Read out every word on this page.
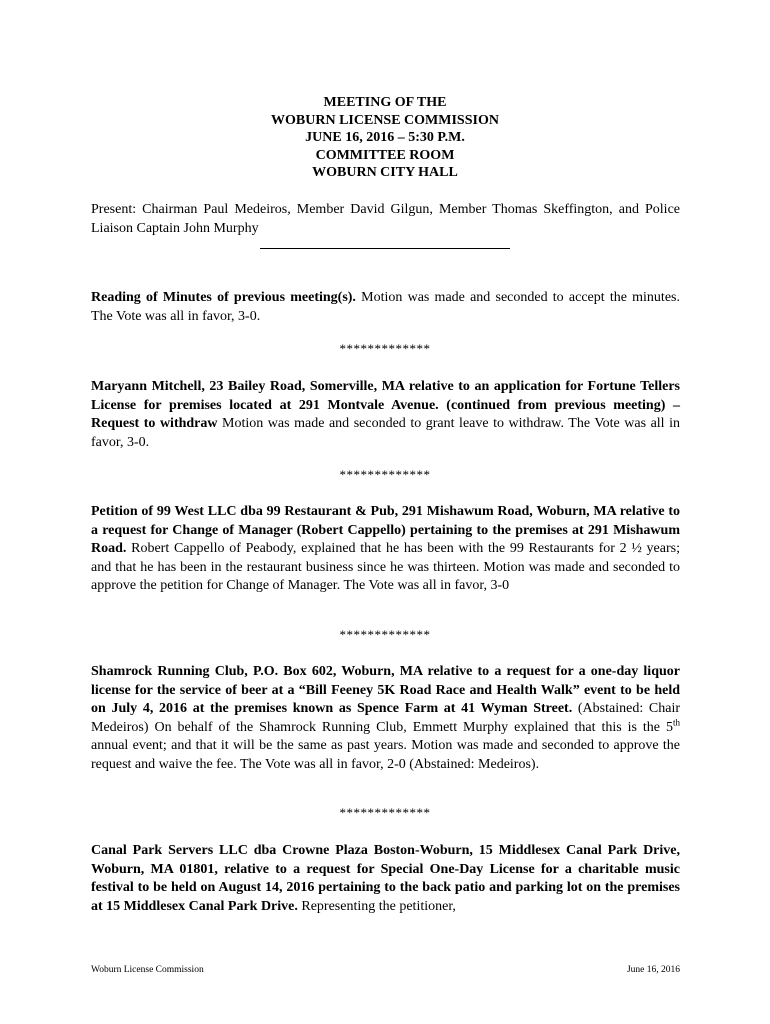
MEETING OF THE
WOBURN LICENSE COMMISSION
JUNE 16, 2016 – 5:30 P.M.
COMMITTEE ROOM
WOBURN CITY HALL

Present: Chairman Paul Medeiros, Member David Gilgun, Member Thomas Skeffington, and Police Liaison Captain John Murphy

Reading of Minutes of previous meeting(s). Motion was made and seconded to accept the minutes. The Vote was all in favor, 3-0.

*************

Maryann Mitchell, 23 Bailey Road, Somerville, MA relative to an application for Fortune Tellers License for premises located at 291 Montvale Avenue. (continued from previous meeting) – Request to withdraw Motion was made and seconded to grant leave to withdraw. The Vote was all in favor, 3-0.

*************

Petition of 99 West LLC dba 99 Restaurant & Pub, 291 Mishawum Road, Woburn, MA relative to a request for Change of Manager (Robert Cappello) pertaining to the premises at 291 Mishawum Road. Robert Cappello of Peabody, explained that he has been with the 99 Restaurants for 2 ½ years; and that he has been in the restaurant business since he was thirteen. Motion was made and seconded to approve the petition for Change of Manager. The Vote was all in favor, 3-0

*************

Shamrock Running Club, P.O. Box 602, Woburn, MA relative to a request for a one-day liquor license for the service of beer at a “Bill Feeney 5K Road Race and Health Walk” event to be held on July 4, 2016 at the premises known as Spence Farm at 41 Wyman Street. (Abstained: Chair Medeiros) On behalf of the Shamrock Running Club, Emmett Murphy explained that this is the 5th annual event; and that it will be the same as past years. Motion was made and seconded to approve the request and waive the fee. The Vote was all in favor, 2-0 (Abstained: Medeiros).

*************

Canal Park Servers LLC dba Crowne Plaza Boston-Woburn, 15 Middlesex Canal Park Drive, Woburn, MA 01801, relative to a request for Special One-Day License for a charitable music festival to be held on August 14, 2016 pertaining to the back patio and parking lot on the premises at 15 Middlesex Canal Park Drive. Representing the petitioner,

Woburn License Commission	June 16, 2016
